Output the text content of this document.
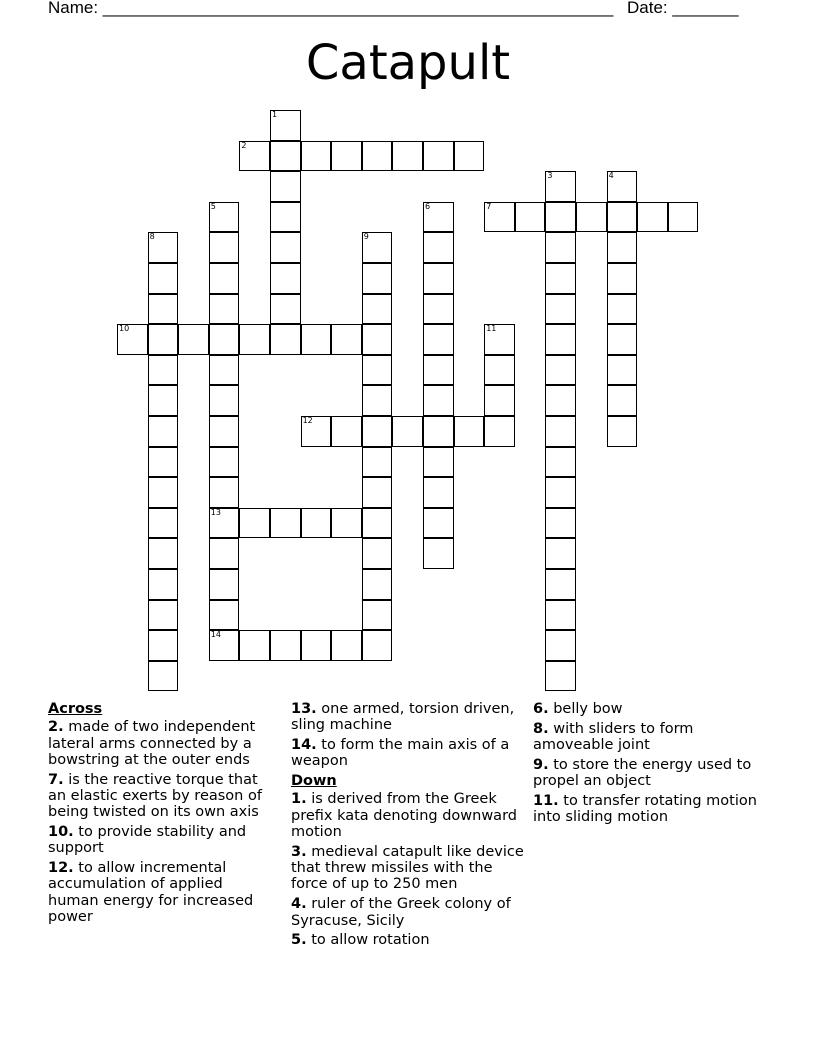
Name: ______________________________________________________ Date: _______
Catapult
1
2
3	4
5
13
14
6	7
8	9
10	11
12
Across
2. made of two independent lateral arms connected by a bowstring at the outer ends
7. is the reactive torque that an elastic exerts by reason of being twisted on its own axis
10. to provide stability and support
12. to allow incremental accumulation of applied human energy for increased power
13. one armed, torsion driven, sling machine
14. to form the main axis of a weapon
Down
1. is derived from the Greek prefix kata denoting downward motion
3. medieval catapult like device that threw missiles with the force of up to 250 men
4. ruler of the Greek colony of Syracuse, Sicily
5. to allow rotation
6. belly bow
8. with sliders to form amoveable joint
9. to store the energy used to propel an object
11. to transfer rotating motion into sliding motion
